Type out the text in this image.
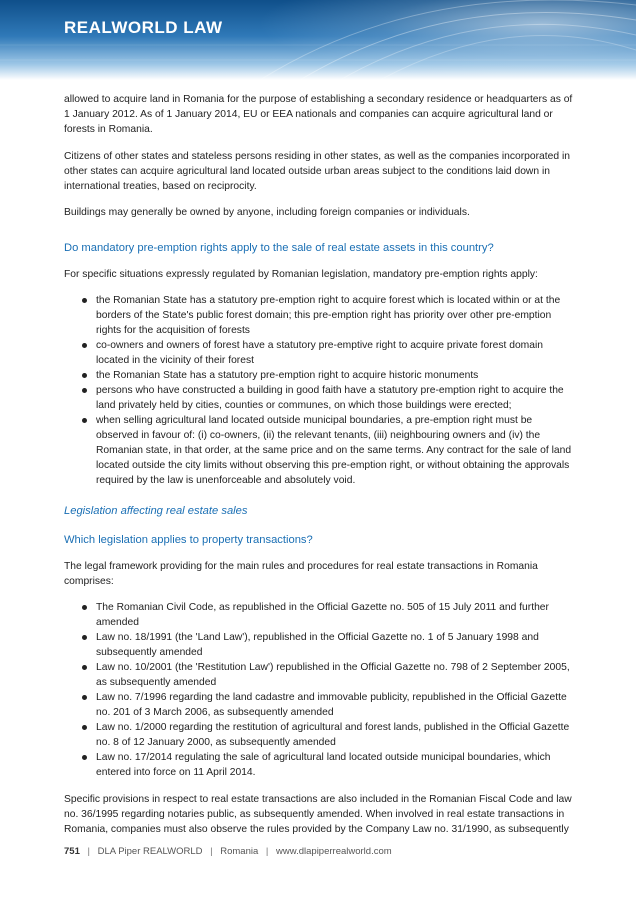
REALWORLD LAW

allowed to acquire land in Romania for the purpose of establishing a secondary residence or headquarters as of 1 January 2012. As of 1 January 2014, EU or EEA nationals and companies can acquire agricultural land or forests in Romania.

Citizens of other states and stateless persons residing in other states, as well as the companies incorporated in other states can acquire agricultural land located outside urban areas subject to the conditions laid down in international treaties, based on reciprocity.

Buildings may generally be owned by anyone, including foreign companies or individuals.

Do mandatory pre-emption rights apply to the sale of real estate assets in this country?

For specific situations expressly regulated by Romanian legislation, mandatory pre-emption rights apply:

the Romanian State has a statutory pre-emption right to acquire forest which is located within or at the borders of the State's public forest domain; this pre-emption right has priority over other pre-emption rights for the acquisition of forests
co-owners and owners of forest have a statutory pre-emptive right to acquire private forest domain located in the vicinity of their forest
the Romanian State has a statutory pre-emption right to acquire historic monuments
persons who have constructed a building in good faith have a statutory pre-emption right to acquire the land privately held by cities, counties or communes, on which those buildings were erected;
when selling agricultural land located outside municipal boundaries, a pre-emption right must be observed in favour of: (i) co-owners, (ii) the relevant tenants, (iii) neighbouring owners and (iv) the Romanian state, in that order, at the same price and on the same terms. Any contract for the sale of land located outside the city limits without observing this pre-emption right, or without obtaining the approvals required by the law is unenforceable and absolutely void.
Legislation affecting real estate sales
Which legislation applies to property transactions?

The legal framework providing for the main rules and procedures for real estate transactions in Romania comprises:

The Romanian Civil Code, as republished in the Official Gazette no. 505 of 15 July 2011 and further amended
Law no. 18/1991 (the 'Land Law'), republished in the Official Gazette no. 1 of 5 January 1998 and subsequently amended
Law no. 10/2001 (the 'Restitution Law') republished in the Official Gazette no. 798 of 2 September 2005, as subsequently amended
Law no. 7/1996 regarding the land cadastre and immovable publicity, republished in the Official Gazette no. 201 of 3 March 2006, as subsequently amended
Law no. 1/2000 regarding the restitution of agricultural and forest lands, published in the Official Gazette no. 8 of 12 January 2000, as subsequently amended
Law no. 17/2014 regulating the sale of agricultural land located outside municipal boundaries, which entered into force on 11 April 2014.

Specific provisions in respect to real estate transactions are also included in the Romanian Fiscal Code and law no. 36/1995 regarding notaries public, as subsequently amended. When involved in real estate transactions in Romania, companies must also observe the rules provided by the Company Law no. 31/1990, as subsequently

751 | DLA Piper REALWORLD | Romania | www.dlapiperrealworld.com
